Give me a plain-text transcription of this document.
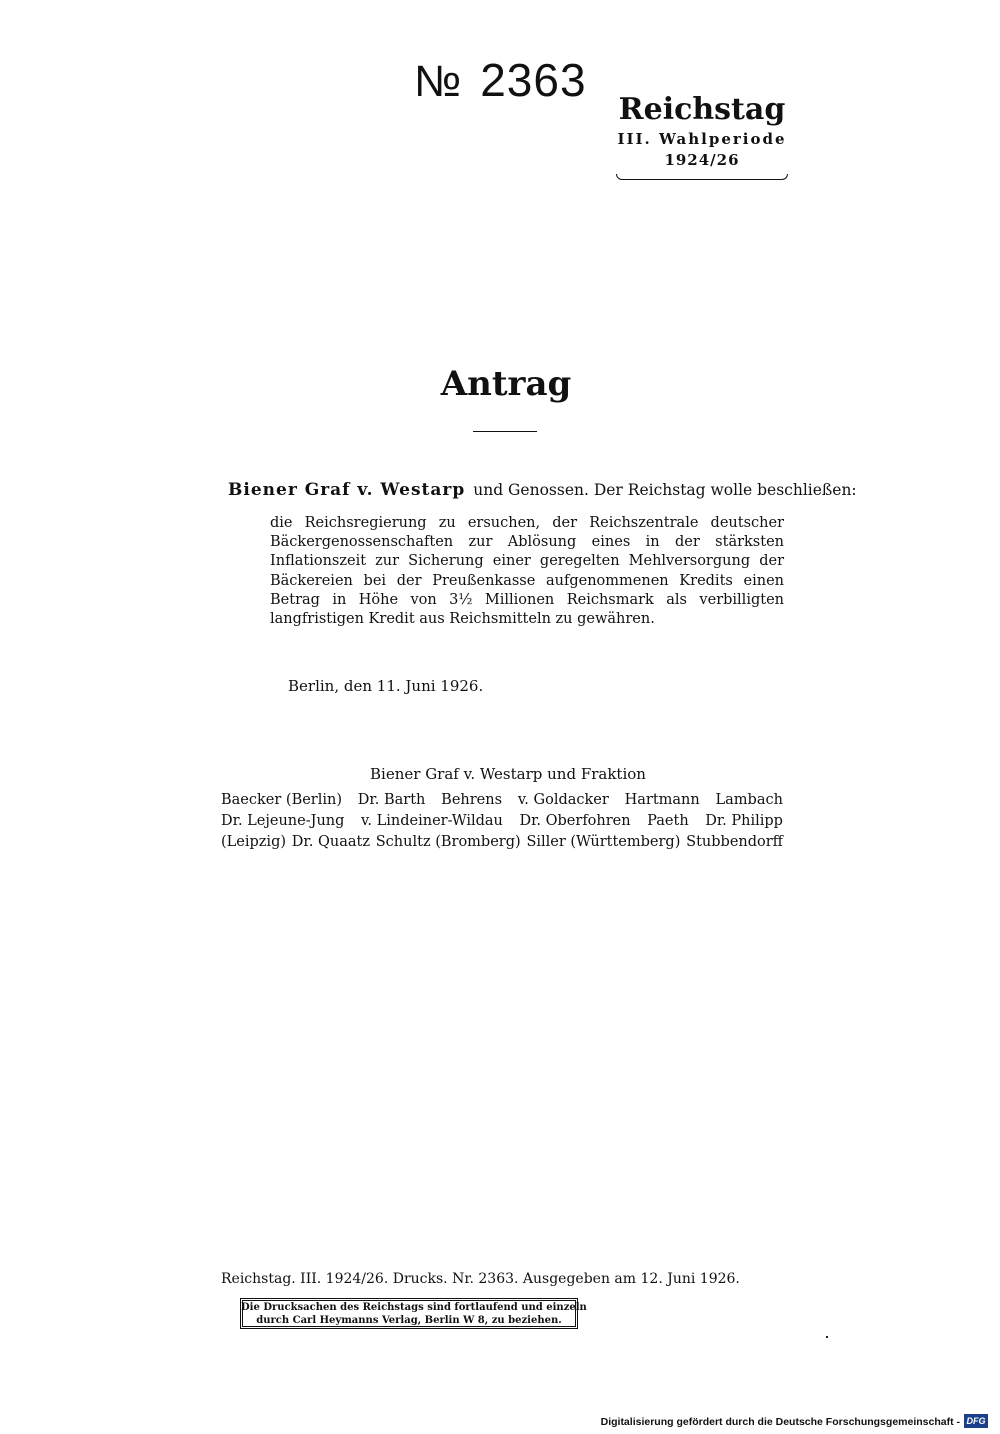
№ 2363
Reichstag
III. Wahlperiode
1924/26
Antrag
Biener Graf v. Westarp und Genossen. Der Reichstag wolle beschließen:
die Reichsregierung zu ersuchen, der Reichszentrale deutscher Bäckergenossenschaften zur Ablösung eines in der stärksten Inflationszeit zur Sicherung einer geregelten Mehlversorgung der Bäckereien bei der Preußenkasse aufgenommenen Kredits einen Betrag in Höhe von 3½ Millionen Reichsmark als verbilligten langfristigen Kredit aus Reichsmitteln zu gewähren.
Berlin, den 11. Juni 1926.
Biener Graf v. Westarp und Fraktion
Baecker (Berlin) Dr. Barth Behrens v. Goldacker Hartmann Lambach
Dr. Lejeune-Jung v. Lindeiner-Wildau Dr. Oberfohren Paeth Dr. Philipp
(Leipzig) Dr. Quaatz Schultz (Bromberg) Siller (Württemberg) Stubbendorff
Reichstag. III. 1924/26. Drucks. Nr. 2363. Ausgegeben am 12. Juni 1926.
Die Drucksachen des Reichstags sind fortlaufend und einzeln
durch Carl Heymanns Verlag, Berlin W 8, zu beziehen.
Digitalisierung gefördert durch die Deutsche Forschungsgemeinschaft - DFG
